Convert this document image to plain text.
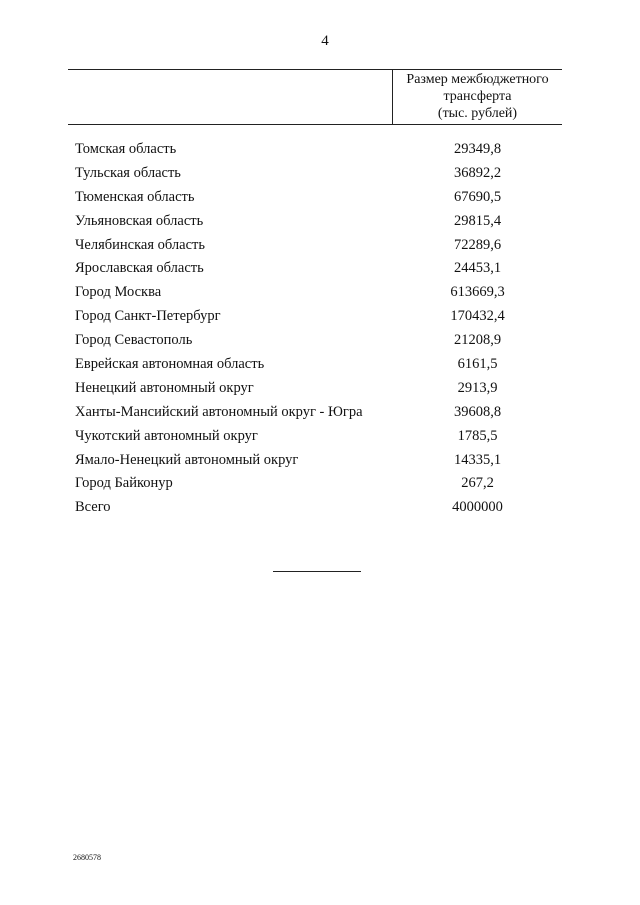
4
Размер межбюджетного
трансферта
(тыс. рублей)
Томская область	29349,8
Тульская область	36892,2
Тюменская область	67690,5
Ульяновская область	29815,4
Челябинская область	72289,6
Ярославская область	24453,1
Город Москва	613669,3
Город Санкт-Петербург	170432,4
Город Севастополь	21208,9
Еврейская автономная область	6161,5
Ненецкий автономный округ	2913,9
Ханты-Мансийский автономный округ - Югра	39608,8
Чукотский автономный округ	1785,5
Ямало-Ненецкий автономный округ	14335,1
Город Байконур	267,2
Всего	4000000
2680578
